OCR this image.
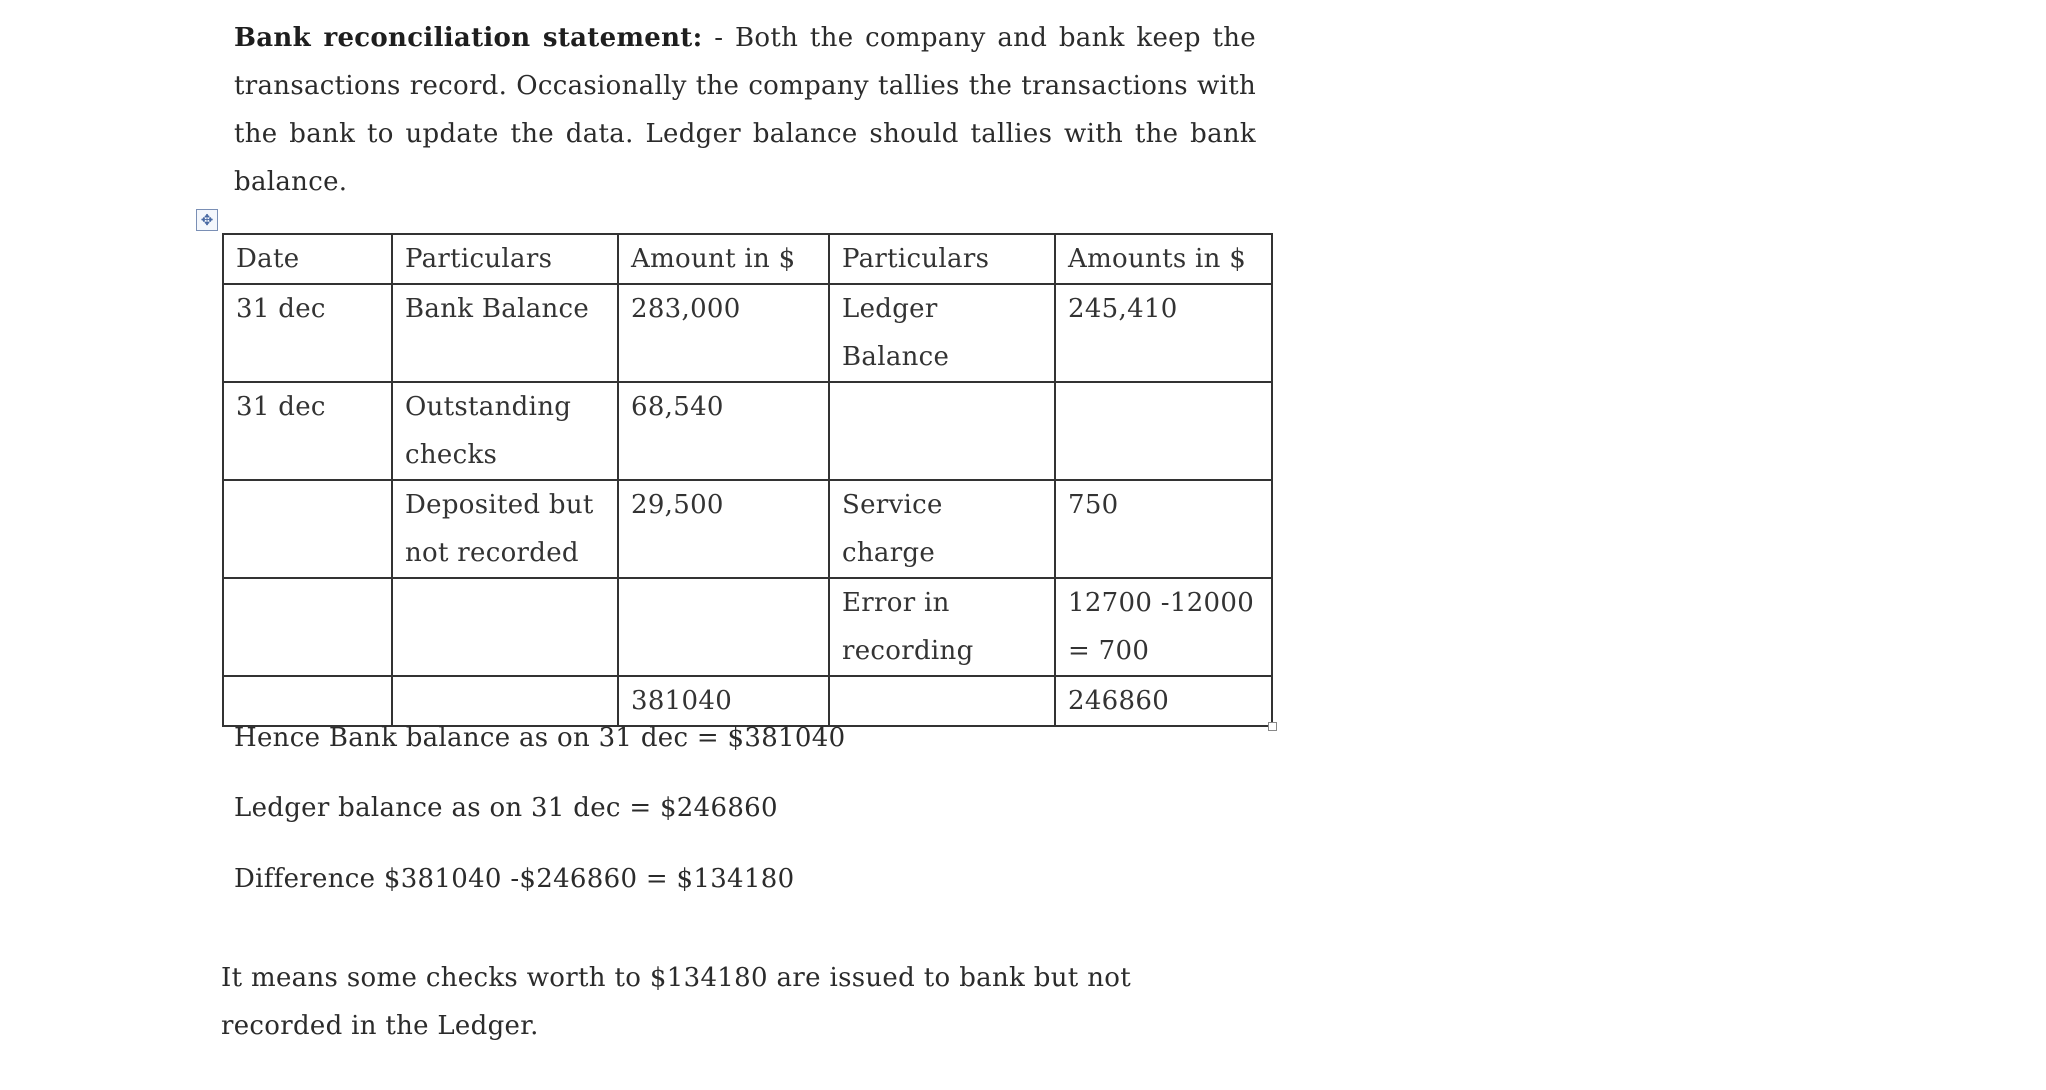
Bank reconciliation statement: - Both the company and bank keep the transactions record. Occasionally the company tallies the transactions with the bank to update the data. Ledger balance should tallies with the bank balance.
✥
Date	Particulars	Amount in $	Particulars	Amounts in $
31 dec	Bank Balance	283,000	Ledger Balance	245,410
31 dec	Outstanding checks	68,540		
	Deposited but not recorded	29,500	Service charge	750
			Error in recording	12700 -12000 = 700
		381040		246860
Hence Bank balance as on 31 dec = $381040
Ledger balance as on 31 dec = $246860
Difference $381040 -$246860 = $134180
It means some checks worth to $134180 are issued to bank but not recorded in the Ledger.
